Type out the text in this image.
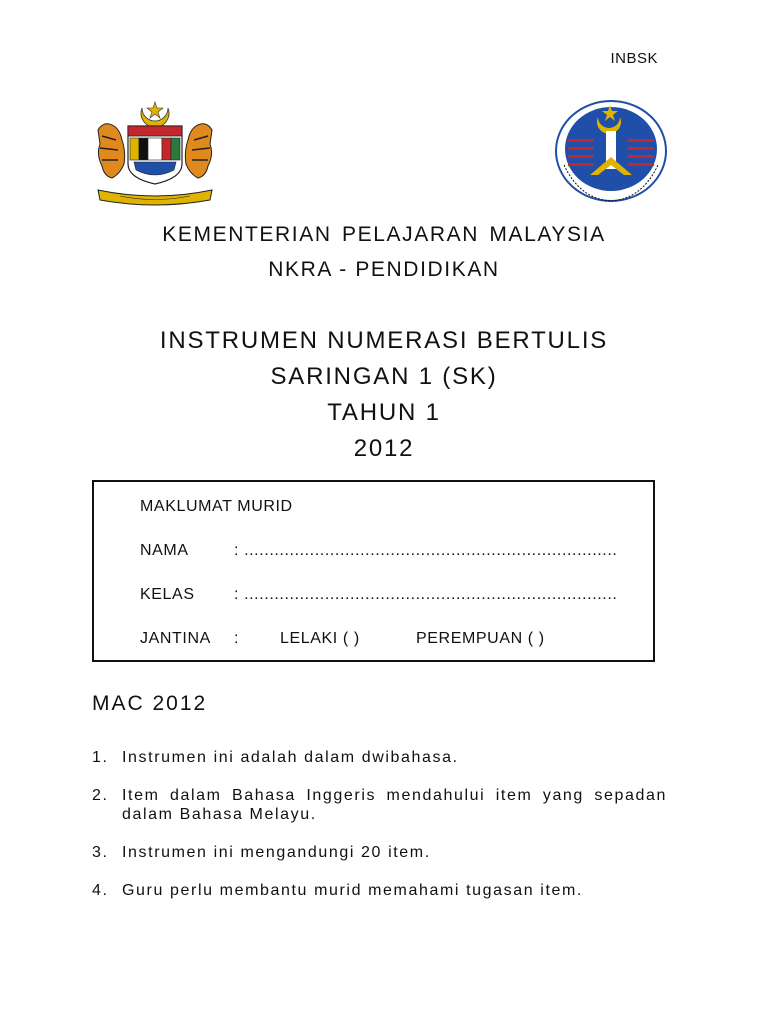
INBSK
KEMENTERIAN PELAJARAN MALAYSIA
NKRA - PENDIDIKAN
INSTRUMEN NUMERASI BERTULIS
SARINGAN 1 (SK)
TAHUN 1
2012
MAKLUMAT MURID
NAMA	: ..........................................................................
KELAS : ..........................................................................
JANTINA :	LELAKI ( )	PEREMPUAN ( )
MAC 2012
1. Instrumen ini adalah dalam dwibahasa.
2. Item dalam Bahasa Inggeris mendahului item yang sepadan dalam Bahasa Melayu.
3. Instrumen ini mengandungi 20 item.
4. Guru perlu membantu murid memahami tugasan item.
